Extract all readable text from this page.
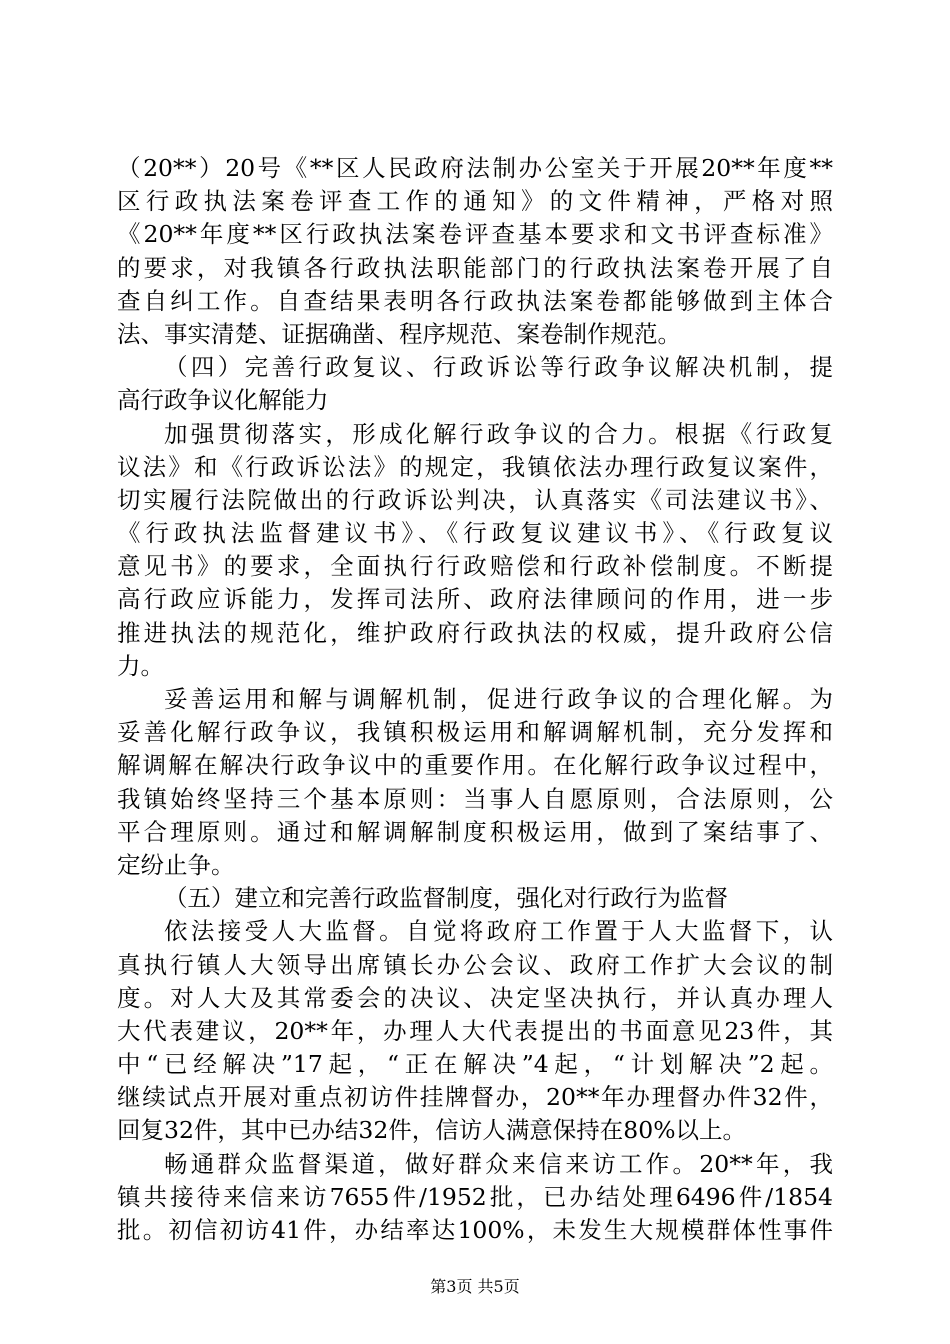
（20**）20号《**区人民政府法制办公室关于开展20**年度**
区行政执法案卷评查工作的通知》的文件精神，严格对照
《20**年度**区行政执法案卷评查基本要求和文书评查标准》
的要求，对我镇各行政执法职能部门的行政执法案卷开展了自
查自纠工作。自查结果表明各行政执法案卷都能够做到主体合
法、事实清楚、证据确凿、程序规范、案卷制作规范。
（四）完善行政复议、行政诉讼等行政争议解决机制，提
高行政争议化解能力
加强贯彻落实，形成化解行政争议的合力。根据《行政复
议法》和《行政诉讼法》的规定，我镇依法办理行政复议案件，
切实履行法院做出的行政诉讼判决，认真落实《司法建议书》、
《行政执法监督建议书》、《行政复议建议书》、《行政复议
意见书》的要求，全面执行行政赔偿和行政补偿制度。不断提
高行政应诉能力，发挥司法所、政府法律顾问的作用，进一步
推进执法的规范化，维护政府行政执法的权威，提升政府公信
力。
妥善运用和解与调解机制，促进行政争议的合理化解。为
妥善化解行政争议，我镇积极运用和解调解机制，充分发挥和
解调解在解决行政争议中的重要作用。在化解行政争议过程中，
我镇始终坚持三个基本原则：当事人自愿原则，合法原则，公
平合理原则。通过和解调解制度积极运用，做到了案结事了、
定纷止争。
（五）建立和完善行政监督制度，强化对行政行为监督
依法接受人大监督。自觉将政府工作置于人大监督下，认
真执行镇人大领导出席镇长办公会议、政府工作扩大会议的制
度。对人大及其常委会的决议、决定坚决执行，并认真办理人
大代表建议，20**年，办理人大代表提出的书面意见23件，其
中“已经解决”17起，“正在解决”4起，“计划解决”2起。
继续试点开展对重点初访件挂牌督办，20**年办理督办件32件，
回复32件，其中已办结32件，信访人满意保持在80%以上。
畅通群众监督渠道，做好群众来信来访工作。20**年，我
镇共接待来信来访7655件/1952批，已办结处理6496件/1854
批。初信初访41件，办结率达100%，未发生大规模群体性事件
第3页 共5页
